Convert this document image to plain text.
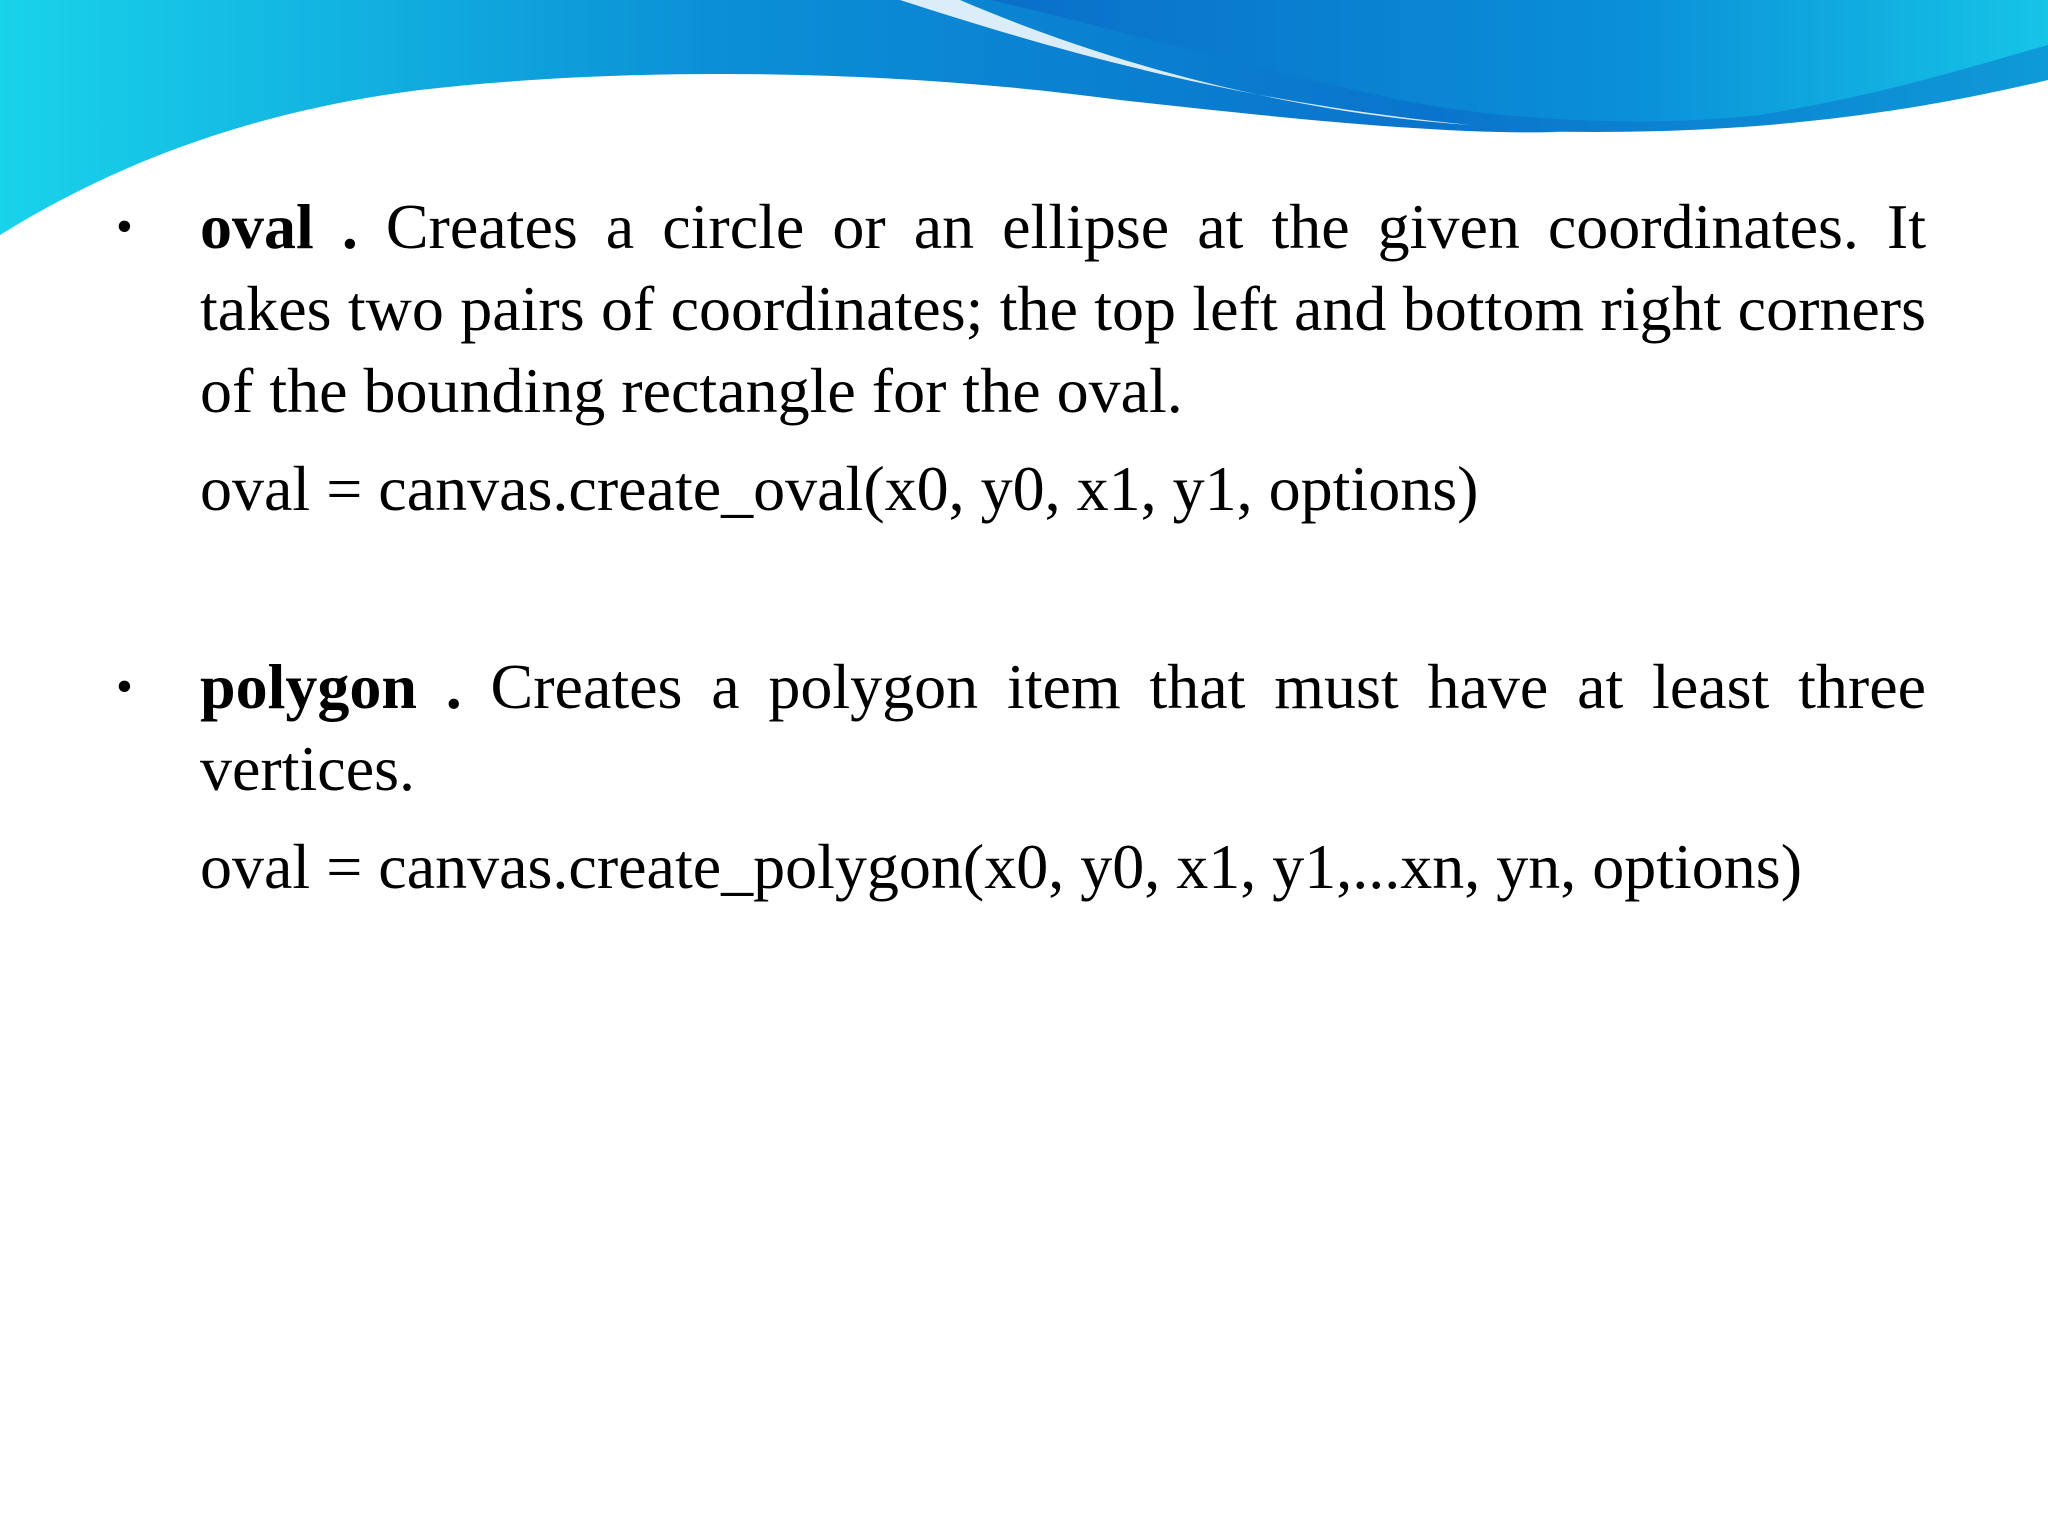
• oval . Creates a circle or an ellipse at the given coordinates. It takes two pairs of coordinates; the top left and bottom right corners of the bounding rectangle for the oval.

oval = canvas.create_oval(x0, y0, x1, y1, options)

• polygon . Creates a polygon item that must have at least three vertices.

oval = canvas.create_polygon(x0, y0, x1, y1,...xn, yn, options)
